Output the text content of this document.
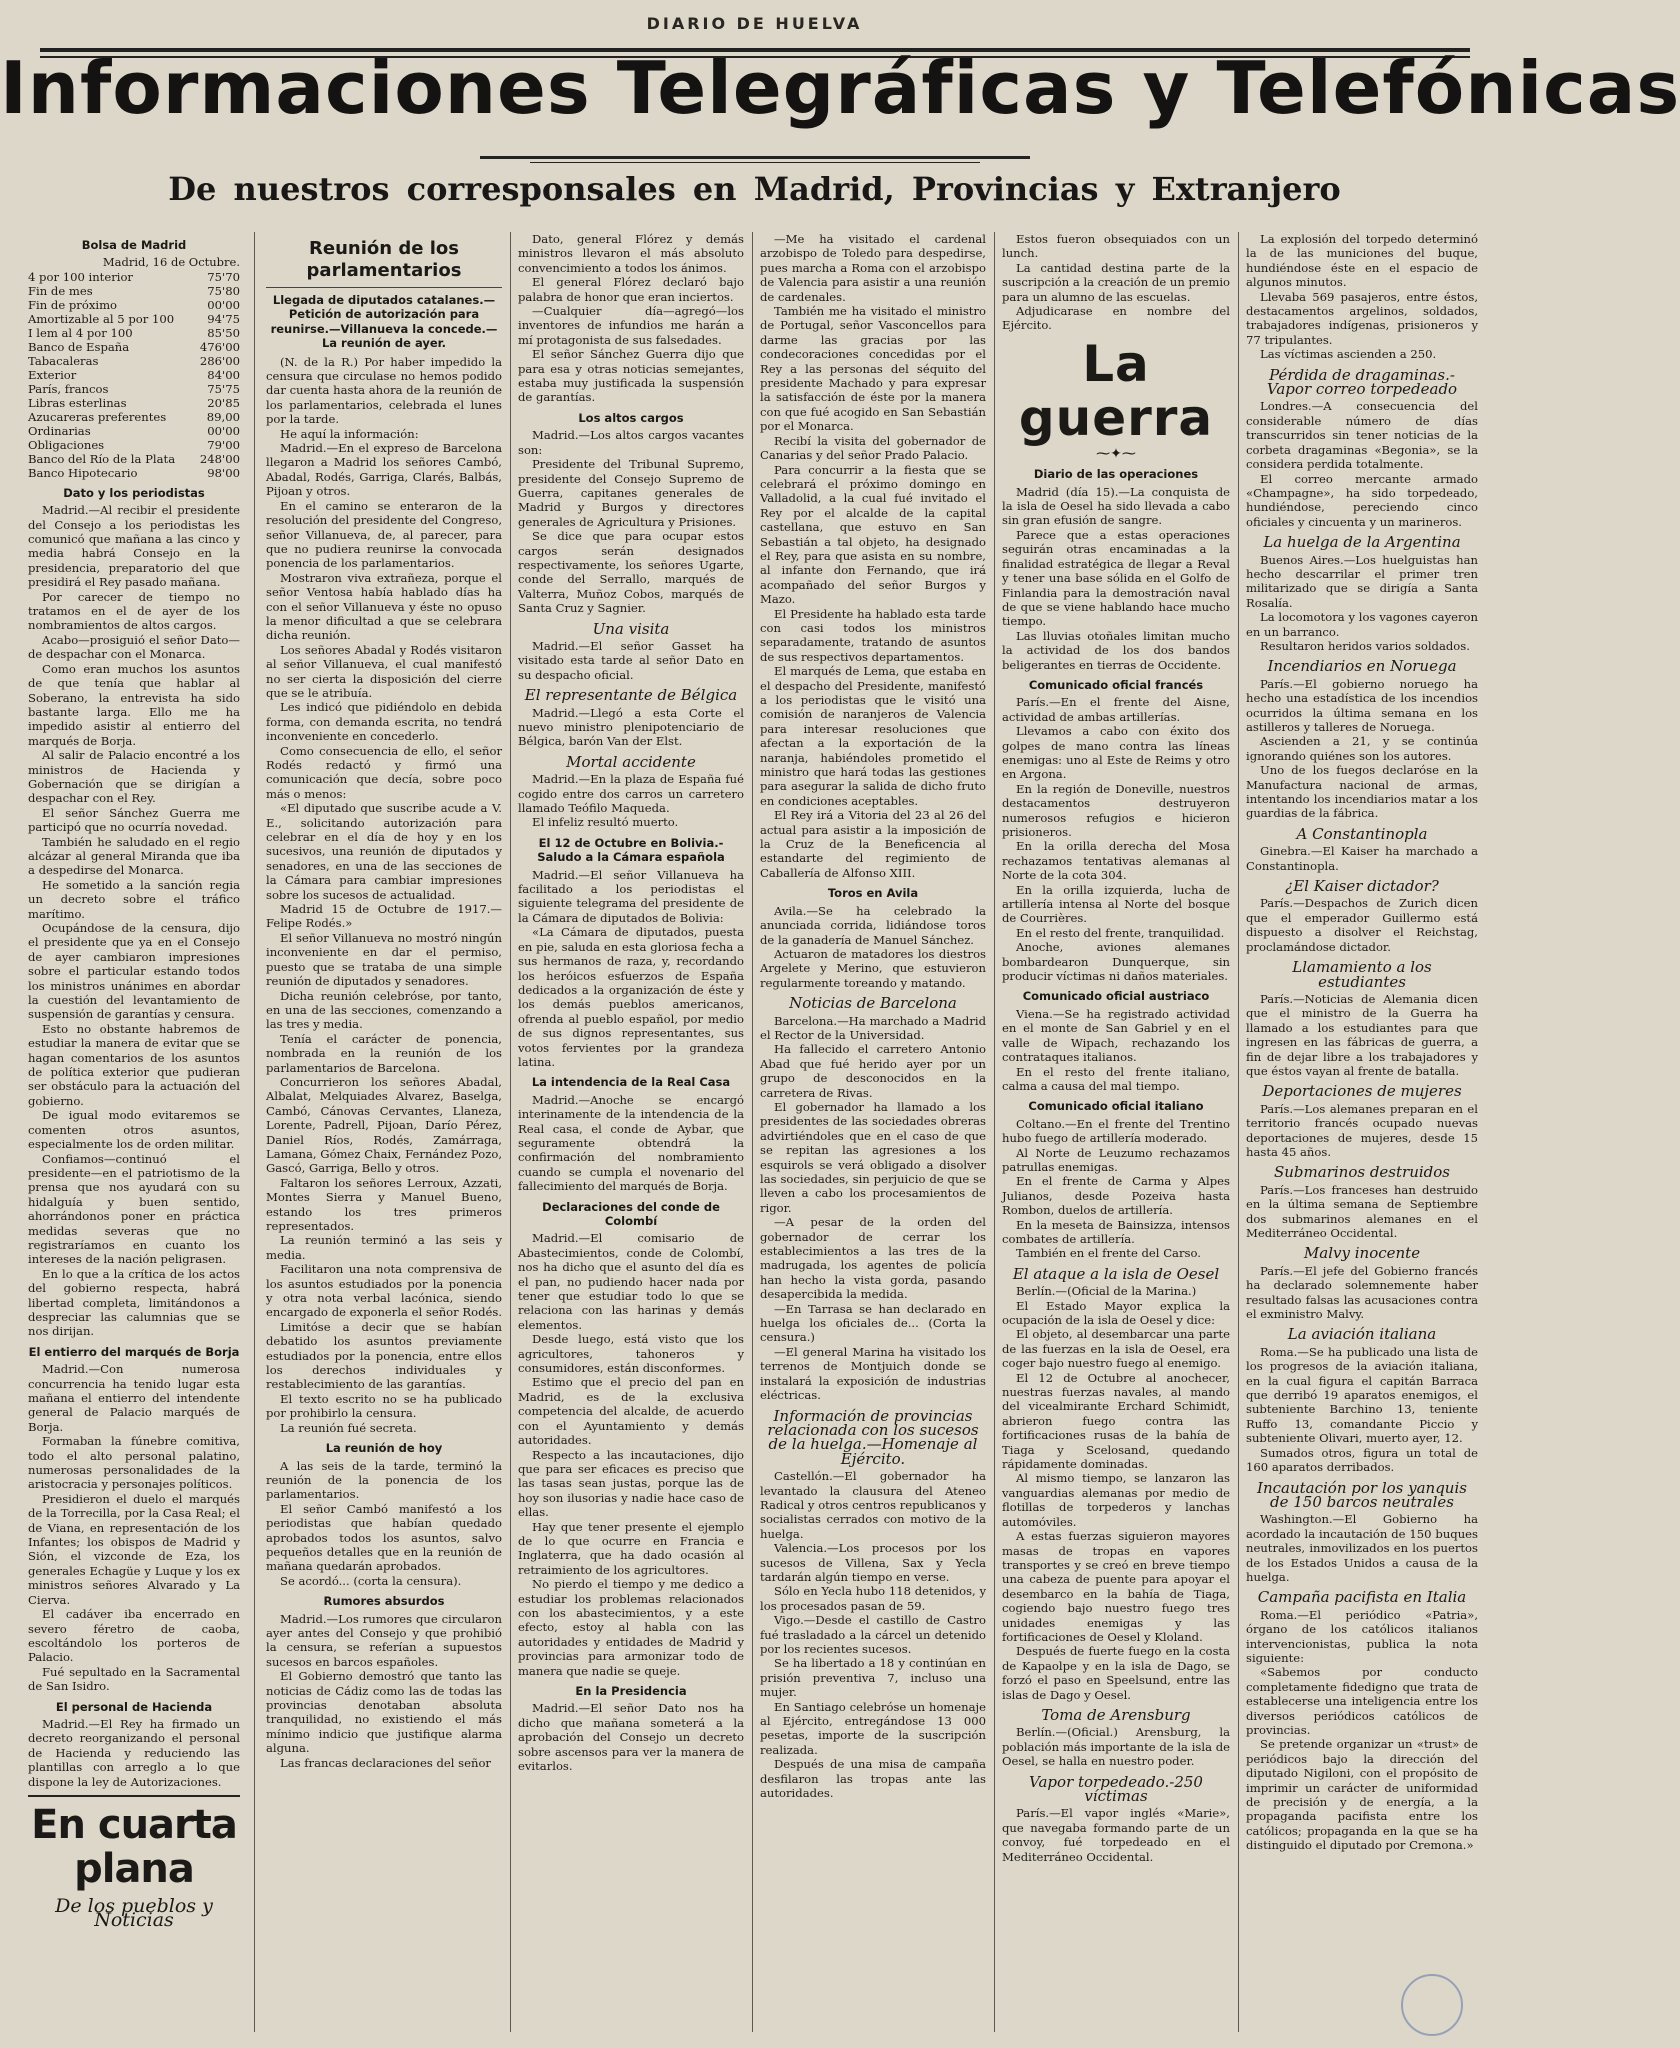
DIARIO DE HUELVA
Informaciones Telegráficas y Telefónicas
De nuestros corresponsales en Madrid, Provincias y Extranjero
Bolsa de Madrid
Madrid, 16 de Octubre.
4 por 100 interior	75'70
Fin de mes	75'80
Fin de próximo	00'00
Amortizable al 5 por 100	94'75
I lem al 4 por 100	85'50
Banco de España	476'00
Tabacaleras	286'00
Exterior	84'00
París, francos	75'75
Libras esterlinas	20'85
Azucareras preferentes	89,00
Ordinarias	00'00
Obligaciones	79'00
Banco del Río de la Plata	248'00
Banco Hipotecario	98'00
Dato y los periodistas

Madrid.—Al recibir el presidente del Consejo a los periodistas les comunicó que mañana a las cinco y media habrá Consejo en la presidencia, preparatorio del que presidirá el Rey pasado mañana.

Por carecer de tiempo no tratamos en el de ayer de los nombramientos de altos cargos.

Acabo—prosiguió el señor Dato—de despachar con el Monarca.

Como eran muchos los asuntos de que tenía que hablar al Soberano, la entrevista ha sido bastante larga. Ello me ha impedido asistir al entierro del marqués de Borja.

Al salir de Palacio encontré a los ministros de Hacienda y Gobernación que se dirigían a despachar con el Rey.

El señor Sánchez Guerra me participó que no ocurría novedad.

También he saludado en el regio alcázar al general Miranda que iba a despedirse del Monarca.

He sometido a la sanción regia un decreto sobre el tráfico marítimo.

Ocupándose de la censura, dijo el presidente que ya en el Consejo de ayer cambiaron impresiones sobre el particular estando todos los ministros unánimes en abordar la cuestión del levantamiento de suspensión de garantías y censura.

Esto no obstante habremos de estudiar la manera de evitar que se hagan comentarios de los asuntos de política exterior que pudieran ser obstáculo para la actuación del gobierno.

De igual modo evitaremos se comenten otros asuntos, especialmente los de orden militar.

Confiamos—continuó el presidente—en el patriotismo de la prensa que nos ayudará con su hidalguía y buen sentido, ahorrándonos poner en práctica medidas severas que no registraríamos en cuanto los intereses de la nación peligrasen.

En lo que a la crítica de los actos del gobierno respecta, habrá libertad completa, limitándonos a despreciar las calumnias que se nos dirijan.

El entierro del marqués de Borja

Madrid.—Con numerosa concurrencia ha tenido lugar esta mañana el entierro del intendente general de Palacio marqués de Borja.

Formaban la fúnebre comitiva, todo el alto personal palatino, numerosas personalidades de la aristocracia y personajes políticos.

Presidieron el duelo el marqués de la Torrecilla, por la Casa Real; el de Viana, en representación de los Infantes; los obispos de Madrid y Sión, el vizconde de Eza, los generales Echagüe y Luque y los ex ministros señores Alvarado y La Cierva.

El cadáver iba encerrado en severo féretro de caoba, escoltándolo los porteros de Palacio.

Fué sepultado en la Sacramental de San Isidro.

El personal de Hacienda

Madrid.—El Rey ha firmado un decreto reorganizando el personal de Hacienda y reduciendo las plantillas con arreglo a lo que dispone la ley de Autorizaciones.

En cuarta plana
De los pueblos y Noticias
Reunión de los parlamentarios
Llegada de diputados catalanes.— Petición de autorización para reunirse.—Villanueva la concede.— La reunión de ayer.

(N. de la R.) Por haber impedido la censura que circulase no hemos podido dar cuenta hasta ahora de la reunión de los parlamentarios, celebrada el lunes por la tarde.

He aquí la información:

Madrid.—En el expreso de Barcelona llegaron a Madrid los señores Cambó, Abadal, Rodés, Garriga, Clarés, Balbás, Pijoan y otros.

En el camino se enteraron de la resolución del presidente del Congreso, señor Villanueva, de, al parecer, para que no pudiera reunirse la convocada ponencia de los parlamentarios.

Mostraron viva extrañeza, porque el señor Ventosa había hablado días ha con el señor Villanueva y éste no opuso la menor dificultad a que se celebrara dicha reunión.

Los señores Abadal y Rodés visitaron al señor Villanueva, el cual manifestó no ser cierta la disposición del cierre que se le atribuía.

Les indicó que pidiéndolo en debida forma, con demanda escrita, no tendrá inconveniente en concederlo.

Como consecuencia de ello, el señor Rodés redactó y firmó una comunicación que decía, sobre poco más o menos:

«El diputado que suscribe acude a V. E., solicitando autorización para celebrar en el día de hoy y en los sucesivos, una reunión de diputados y senadores, en una de las secciones de la Cámara para cambiar impresiones sobre los sucesos de actualidad.

Madrid 15 de Octubre de 1917.— Felipe Rodés.»

El señor Villanueva no mostró ningún inconveniente en dar el permiso, puesto que se trataba de una simple reunión de diputados y senadores.

Dicha reunión celebróse, por tanto, en una de las secciones, comenzando a las tres y media.

Tenía el carácter de ponencia, nombrada en la reunión de los parlamentarios de Barcelona.

Concurrieron los señores Abadal, Albalat, Melquiades Alvarez, Baselga, Cambó, Cánovas Cervantes, Llaneza, Lorente, Padrell, Pijoan, Darío Pérez, Daniel Ríos, Rodés, Zamárraga, Lamana, Gómez Chaix, Fernández Pozo, Gascó, Garriga, Bello y otros.

Faltaron los señores Lerroux, Azzati, Montes Sierra y Manuel Bueno, estando los tres primeros representados.

La reunión terminó a las seis y media.

Facilitaron una nota comprensiva de los asuntos estudiados por la ponencia y otra nota verbal lacónica, siendo encargado de exponerla el señor Rodés.

Limitóse a decir que se habían debatido los asuntos previamente estudiados por la ponencia, entre ellos los derechos individuales y restablecimiento de las garantías.

El texto escrito no se ha publicado por prohibirlo la censura.

La reunión fué secreta.

La reunión de hoy

A las seis de la tarde, terminó la reunión de la ponencia de los parlamentarios.

El señor Cambó manifestó a los periodistas que habían quedado aprobados todos los asuntos, salvo pequeños detalles que en la reunión de mañana quedarán aprobados.

Se acordó... (corta la censura).

Rumores absurdos

Madrid.—Los rumores que circularon ayer antes del Consejo y que prohibió la censura, se referían a supuestos sucesos en barcos españoles.

El Gobierno demostró que tanto las noticias de Cádiz como las de todas las provincias denotaban absoluta tranquilidad, no existiendo el más mínimo indicio que justifique alarma alguna.

Las francas declaraciones del señor

Dato, general Flórez y demás ministros llevaron el más absoluto convencimiento a todos los ánimos.

El general Flórez declaró bajo palabra de honor que eran inciertos.

—Cualquier día—agregó—los inventores de infundios me harán a mí protagonista de sus falsedades.

El señor Sánchez Guerra dijo que para esa y otras noticias semejantes, estaba muy justificada la suspensión de garantías.

Los altos cargos

Madrid.—Los altos cargos vacantes son:

Presidente del Tribunal Supremo, presidente del Consejo Supremo de Guerra, capitanes generales de Madrid y Burgos y directores generales de Agricultura y Prisiones.

Se dice que para ocupar estos cargos serán designados respectivamente, los señores Ugarte, conde del Serrallo, marqués de Valterra, Muñoz Cobos, marqués de Santa Cruz y Sagnier.

Una visita

Madrid.—El señor Gasset ha visitado esta tarde al señor Dato en su despacho oficial.

El representante de Bélgica

Madrid.—Llegó a esta Corte el nuevo ministro plenipotenciario de Bélgica, barón Van der Elst.

Mortal accidente

Madrid.—En la plaza de España fué cogido entre dos carros un carretero llamado Teófilo Maqueda.

El infeliz resultó muerto.

El 12 de Octubre en Bolivia.-Saludo a la Cámara española

Madrid.—El señor Villanueva ha facilitado a los periodistas el siguiente telegrama del presidente de la Cámara de diputados de Bolivia:

«La Cámara de diputados, puesta en pie, saluda en esta gloriosa fecha a sus hermanos de raza, y, recordando los heróicos esfuerzos de España dedicados a la organización de éste y los demás pueblos americanos, ofrenda al pueblo español, por medio de sus dignos representantes, sus votos fervientes por la grandeza latina.

La intendencia de la Real Casa

Madrid.—Anoche se encargó interinamente de la intendencia de la Real casa, el conde de Aybar, que seguramente obtendrá la confirmación del nombramiento cuando se cumpla el novenario del fallecimiento del marqués de Borja.

Declaraciones del conde de Colombí

Madrid.—El comisario de Abastecimientos, conde de Colombí, nos ha dicho que el asunto del día es el pan, no pudiendo hacer nada por tener que estudiar todo lo que se relaciona con las harinas y demás elementos.

Desde luego, está visto que los agricultores, tahoneros y consumidores, están disconformes.

Estimo que el precio del pan en Madrid, es de la exclusiva competencia del alcalde, de acuerdo con el Ayuntamiento y demás autoridades.

Respecto a las incautaciones, dijo que para ser eficaces es preciso que las tasas sean justas, porque las de hoy son ilusorias y nadie hace caso de ellas.

Hay que tener presente el ejemplo de lo que ocurre en Francia e Inglaterra, que ha dado ocasión al retraimiento de los agricultores.

No pierdo el tiempo y me dedico a estudiar los problemas relacionados con los abastecimientos, y a este efecto, estoy al habla con las autoridades y entidades de Madrid y provincias para armonizar todo de manera que nadie se queje.

En la Presidencia

Madrid.—El señor Dato nos ha dicho que mañana someterá a la aprobación del Consejo un decreto sobre ascensos para ver la manera de evitarlos.

—Me ha visitado el cardenal arzobispo de Toledo para despedirse, pues marcha a Roma con el arzobispo de Valencia para asistir a una reunión de cardenales.

También me ha visitado el ministro de Portugal, señor Vasconcellos para darme las gracias por las condecoraciones concedidas por el Rey a las personas del séquito del presidente Machado y para expresar la satisfacción de éste por la manera con que fué acogido en San Sebastián por el Monarca.

Recibí la visita del gobernador de Canarias y del señor Prado Palacio.

Para concurrir a la fiesta que se celebrará el próximo domingo en Valladolid, a la cual fué invitado el Rey por el alcalde de la capital castellana, que estuvo en San Sebastián a tal objeto, ha designado el Rey, para que asista en su nombre, al infante don Fernando, que irá acompañado del señor Burgos y Mazo.

El Presidente ha hablado esta tarde con casi todos los ministros separadamente, tratando de asuntos de sus respectivos departamentos.

El marqués de Lema, que estaba en el despacho del Presidente, manifestó a los periodistas que le visitó una comisión de naranjeros de Valencia para interesar resoluciones que afectan a la exportación de la naranja, habiéndoles prometido el ministro que hará todas las gestiones para asegurar la salida de dicho fruto en condiciones aceptables.

El Rey irá a Vitoria del 23 al 26 del actual para asistir a la imposición de la Cruz de la Beneficencia al estandarte del regimiento de Caballería de Alfonso XIII.

Toros en Avila

Avila.—Se ha celebrado la anunciada corrida, lidiándose toros de la ganadería de Manuel Sánchez.

Actuaron de matadores los diestros Argelete y Merino, que estuvieron regularmente toreando y matando.

Noticias de Barcelona

Barcelona.—Ha marchado a Madrid el Rector de la Universidad.

Ha fallecido el carretero Antonio Abad que fué herido ayer por un grupo de desconocidos en la carretera de Rivas.

El gobernador ha llamado a los presidentes de las sociedades obreras advirtiéndoles que en el caso de que se repitan las agresiones a los esquirols se verá obligado a disolver las sociedades, sin perjuicio de que se lleven a cabo los procesamientos de rigor.

—A pesar de la orden del gobernador de cerrar los establecimientos a las tres de la madrugada, los agentes de policía han hecho la vista gorda, pasando desapercibida la medida.

—En Tarrasa se han declarado en huelga los oficiales de... (Corta la censura.)

—El general Marina ha visitado los terrenos de Montjuich donde se instalará la exposición de industrias eléctricas.

Información de provincias relacionada con los sucesos de la huelga.—Homenaje al Ejército.

Castellón.—El gobernador ha levantado la clausura del Ateneo Radical y otros centros republicanos y socialistas cerrados con motivo de la huelga.

Valencia.—Los procesos por los sucesos de Villena, Sax y Yecla tardarán algún tiempo en verse.

Sólo en Yecla hubo 118 detenidos, y los procesados pasan de 59.

Vigo.—Desde el castillo de Castro fué trasladado a la cárcel un detenido por los recientes sucesos.

Se ha libertado a 18 y continúan en prisión preventiva 7, incluso una mujer.

En Santiago celebróse un homenaje al Ejército, entregándose 13 000 pesetas, importe de la suscripción realizada.

Después de una misa de campaña desfilaron las tropas ante las autoridades.

Estos fueron obsequiados con un lunch.

La cantidad destina parte de la suscripción a la creación de un premio para un alumno de las escuelas.

Adjudicarase en nombre del Ejército.

La guerra
⁓✦⁓
Diario de las operaciones

Madrid (día 15).—La conquista de la isla de Oesel ha sido llevada a cabo sin gran efusión de sangre.

Parece que a estas operaciones seguirán otras encaminadas a la finalidad estratégica de llegar a Reval y tener una base sólida en el Golfo de Finlandia para la demostración naval de que se viene hablando hace mucho tiempo.

Las lluvias otoñales limitan mucho la actividad de los dos bandos beligerantes en tierras de Occidente.

Comunicado oficial francés

París.—En el frente del Aisne, actividad de ambas artillerías.

Llevamos a cabo con éxito dos golpes de mano contra las líneas enemigas: uno al Este de Reims y otro en Argona.

En la región de Doneville, nuestros destacamentos destruyeron numerosos refugios e hicieron prisioneros.

En la orilla derecha del Mosa rechazamos tentativas alemanas al Norte de la cota 304.

En la orilla izquierda, lucha de artillería intensa al Norte del bosque de Courrières.

En el resto del frente, tranquilidad.

Anoche, aviones alemanes bombardearon Dunquerque, sin producir víctimas ni daños materiales.

Comunicado oficial austriaco

Viena.—Se ha registrado actividad en el monte de San Gabriel y en el valle de Wipach, rechazando los contrataques italianos.

En el resto del frente italiano, calma a causa del mal tiempo.

Comunicado oficial italiano

Coltano.—En el frente del Trentino hubo fuego de artillería moderado.

Al Norte de Leuzumo rechazamos patrullas enemigas.

En el frente de Carma y Alpes Julianos, desde Pozeiva hasta Rombon, duelos de artillería.

En la meseta de Bainsizza, intensos combates de artillería.

También en el frente del Carso.

El ataque a la isla de Oesel

Berlín.—(Oficial de la Marina.)

El Estado Mayor explica la ocupación de la isla de Oesel y dice:

El objeto, al desembarcar una parte de las fuerzas en la isla de Oesel, era coger bajo nuestro fuego al enemigo.

El 12 de Octubre al anochecer, nuestras fuerzas navales, al mando del vicealmirante Erchard Schimidt, abrieron fuego contra las fortificaciones rusas de la bahía de Tiaga y Scelosand, quedando rápidamente dominadas.

Al mismo tiempo, se lanzaron las vanguardias alemanas por medio de flotillas de torpederos y lanchas automóviles.

A estas fuerzas siguieron mayores masas de tropas en vapores transportes y se creó en breve tiempo una cabeza de puente para apoyar el desembarco en la bahía de Tiaga, cogiendo bajo nuestro fuego tres unidades enemigas y las fortificaciones de Oesel y Kloland.

Después de fuerte fuego en la costa de Kapaolpe y en la isla de Dago, se forzó el paso en Speelsund, entre las islas de Dago y Oesel.

Toma de Arensburg

Berlín.—(Oficial.) Arensburg, la población más importante de la isla de Oesel, se halla en nuestro poder.

Vapor torpedeado.-250 víctimas

París.—El vapor inglés «Marie», que navegaba formando parte de un convoy, fué torpedeado en el Mediterráneo Occidental.

La explosión del torpedo determinó la de las municiones del buque, hundiéndose éste en el espacio de algunos minutos.

Llevaba 569 pasajeros, entre éstos, destacamentos argelinos, soldados, trabajadores indígenas, prisioneros y 77 tripulantes.

Las víctimas ascienden a 250.

Pérdida de dragaminas.- Vapor correo torpedeado

Londres.—A consecuencia del considerable número de días transcurridos sin tener noticias de la corbeta dragaminas «Begonia», se la considera perdida totalmente.

El correo mercante armado «Champagne», ha sido torpedeado, hundiéndose, pereciendo cinco oficiales y cincuenta y un marineros.

La huelga de la Argentina

Buenos Aires.—Los huelguistas han hecho descarrilar el primer tren militarizado que se dirigía a Santa Rosalía.

La locomotora y los vagones cayeron en un barranco.

Resultaron heridos varios soldados.

Incendiarios en Noruega

París.—El gobierno noruego ha hecho una estadística de los incendios ocurridos la última semana en los astilleros y talleres de Noruega.

Ascienden a 21, y se continúa ignorando quiénes son los autores.

Uno de los fuegos declaróse en la Manufactura nacional de armas, intentando los incendiarios matar a los guardias de la fábrica.

A Constantinopla

Ginebra.—El Kaiser ha marchado a Constantinopla.

¿El Kaiser dictador?

París.—Despachos de Zurich dicen que el emperador Guillermo está dispuesto a disolver el Reichstag, proclamándose dictador.

Llamamiento a los estudiantes

París.—Noticias de Alemania dicen que el ministro de la Guerra ha llamado a los estudiantes para que ingresen en las fábricas de guerra, a fin de dejar libre a los trabajadores y que éstos vayan al frente de batalla.

Deportaciones de mujeres

París.—Los alemanes preparan en el territorio francés ocupado nuevas deportaciones de mujeres, desde 15 hasta 45 años.

Submarinos destruidos

París.—Los franceses han destruido en la última semana de Septiembre dos submarinos alemanes en el Mediterráneo Occidental.

Malvy inocente

París.—El jefe del Gobierno francés ha declarado solemnemente haber resultado falsas las acusaciones contra el exministro Malvy.

La aviación italiana

Roma.—Se ha publicado una lista de los progresos de la aviación italiana, en la cual figura el capitán Barraca que derribó 19 aparatos enemigos, el subteniente Barchino 13, teniente Ruffo 13, comandante Piccio y subteniente Olivari, muerto ayer, 12.

Sumados otros, figura un total de 160 aparatos derribados.

Incautación por los yanquis de 150 barcos neutrales

Washington.—El Gobierno ha acordado la incautación de 150 buques neutrales, inmovilizados en los puertos de los Estados Unidos a causa de la huelga.

Campaña pacifista en Italia

Roma.—El periódico «Patria», órgano de los católicos italianos intervencionistas, publica la nota siguiente:

«Sabemos por conducto completamente fidedigno que trata de establecerse una inteligencia entre los diversos periódicos católicos de provincias.

Se pretende organizar un «trust» de periódicos bajo la dirección del diputado Nigiloni, con el propósito de imprimir un carácter de uniformidad de precisión y de energía, a la propaganda pacifista entre los católicos; propaganda en la que se ha distinguido el diputado por Cremona.»
